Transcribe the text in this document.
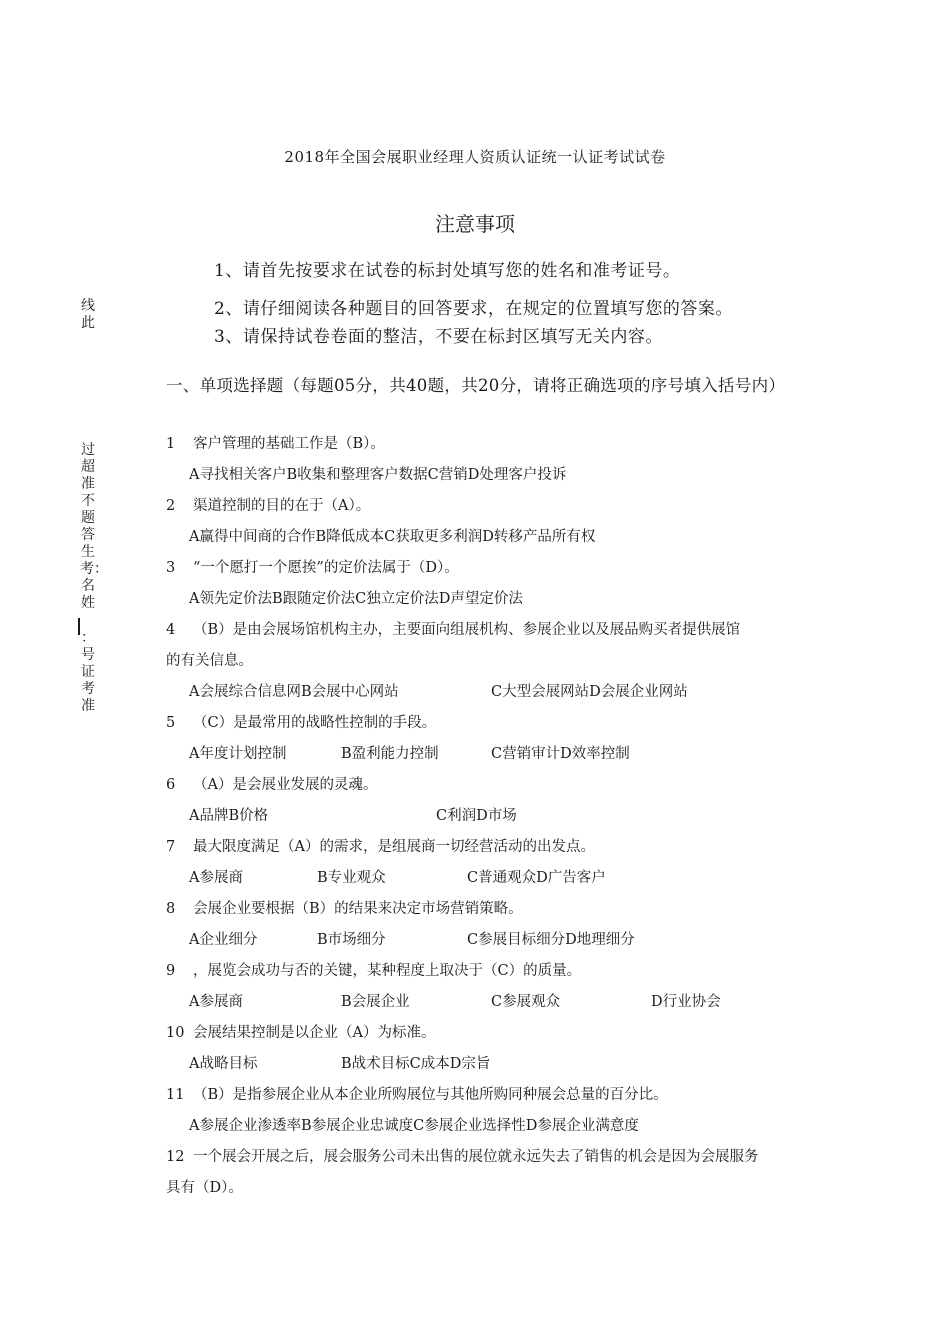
线此
过超准不题答生考：名姓
：号证考准
2018年全国会展职业经理人资质认证统一认证考试试卷
注意事项
1、请首先按要求在试卷的标封处填写您的姓名和准考证号。
2、请仔细阅读各种题目的回答要求，在规定的位置填写您的答案。
3、请保持试卷卷面的整洁，不要在标封区填写无关内容。
一、单项选择题（每题05分，共40题，共20分，请将正确选项的序号填入括号内）
1 客户管理的基础工作是（B）。
A寻找相关客户B收集和整理客户数据C营销D处理客户投诉
2 渠道控制的目的在于（A）。
A赢得中间商的合作B降低成本C获取更多利润D转移产品所有权
3 “一个愿打一个愿挨”的定价法属于（D）。
A领先定价法B跟随定价法C独立定价法D声望定价法
4 （B）是由会展场馆机构主办，主要面向组展机构、参展企业以及展品购买者提供展馆
的有关信息。
A会展综合信息网B会展中心网站	C大型会展网站D会展企业网站
5 （C）是最常用的战略性控制的手段。
A年度计划控制	B盈利能力控制	C营销审计D效率控制
6 （A）是会展业发展的灵魂。
A品牌B价格	C利润D市场
7 最大限度满足（A）的需求，是组展商一切经营活动的出发点。
A参展商	B专业观众	C普通观众D广告客户
8 会展企业要根据（B）的结果来决定市场营销策略。
A企业细分	B市场细分	C参展目标细分D地理细分
9 ，展览会成功与否的关键，某种程度上取决于（C）的质量。
A参展商	B会展企业	C参展观众	D行业协会
10 会展结果控制是以企业（A）为标准。
A战略目标	B战术目标C成本D宗旨
11 （B）是指参展企业从本企业所购展位与其他所购同种展会总量的百分比。
A参展企业渗透率B参展企业忠诚度C参展企业选择性D参展企业满意度
12 一个展会开展之后，展会服务公司未出售的展位就永远失去了销售的机会是因为会展服务
具有（D）。
